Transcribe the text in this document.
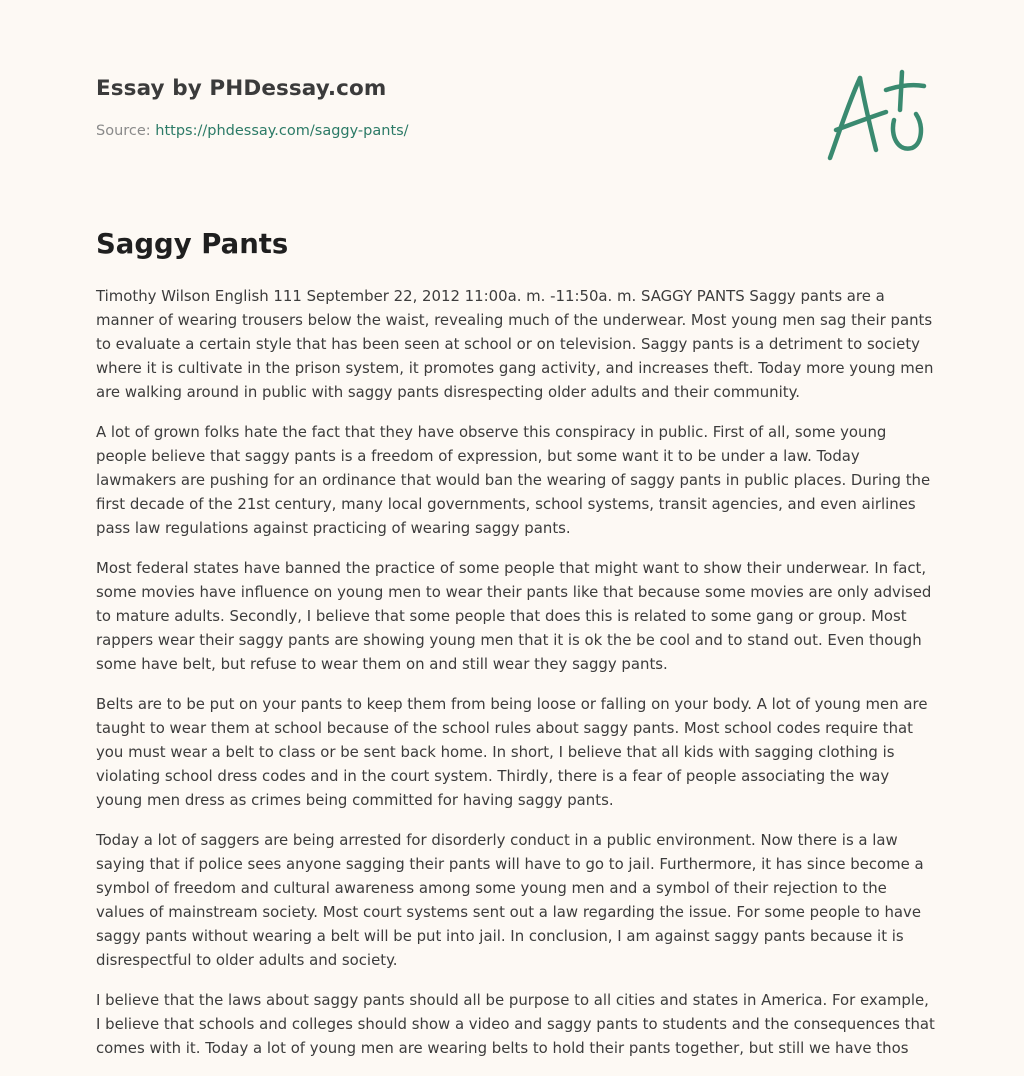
Essay by PHDessay.com
Source: https://phdessay.com/saggy-pants/
Saggy Pants

Timothy Wilson English 111 September 22, 2012 11:00a. m. -11:50a. m. SAGGY PANTS Saggy pants are a manner of wearing trousers below the waist, revealing much of the underwear. Most young men sag their pants to evaluate a certain style that has been seen at school or on television. Saggy pants is a detriment to society where it is cultivate in the prison system, it promotes gang activity, and increases theft. Today more young men are walking around in public with saggy pants disrespecting older adults and their community.

A lot of grown folks hate the fact that they have observe this conspiracy in public. First of all, some young people believe that saggy pants is a freedom of expression, but some want it to be under a law. Today lawmakers are pushing for an ordinance that would ban the wearing of saggy pants in public places. During the first decade of the 21st century, many local governments, school systems, transit agencies, and even airlines pass law regulations against practicing of wearing saggy pants.

Most federal states have banned the practice of some people that might want to show their underwear. In fact, some movies have influence on young men to wear their pants like that because some movies are only advised to mature adults. Secondly, I believe that some people that does this is related to some gang or group. Most rappers wear their saggy pants are showing young men that it is ok the be cool and to stand out. Even though some have belt, but refuse to wear them on and still wear they saggy pants.

Belts are to be put on your pants to keep them from being loose or falling on your body. A lot of young men are taught to wear them at school because of the school rules about saggy pants. Most school codes require that you must wear a belt to class or be sent back home. In short, I believe that all kids with sagging clothing is violating school dress codes and in the court system. Thirdly, there is a fear of people associating the way young men dress as crimes being committed for having saggy pants.

Today a lot of saggers are being arrested for disorderly conduct in a public environment. Now there is a law saying that if police sees anyone sagging their pants will have to go to jail. Furthermore, it has since become a symbol of freedom and cultural awareness among some young men and a symbol of their rejection to the values of mainstream society. Most court systems sent out a law regarding the issue. For some people to have saggy pants without wearing a belt will be put into jail. In conclusion, I am against saggy pants because it is disrespectful to older adults and society.

I believe that the laws about saggy pants should all be purpose to all cities and states in America. For example, I believe that schools and colleges should show a video and saggy pants to students and the consequences that comes with it. Today a lot of young men are wearing belts to hold their pants together, but still we have thos
